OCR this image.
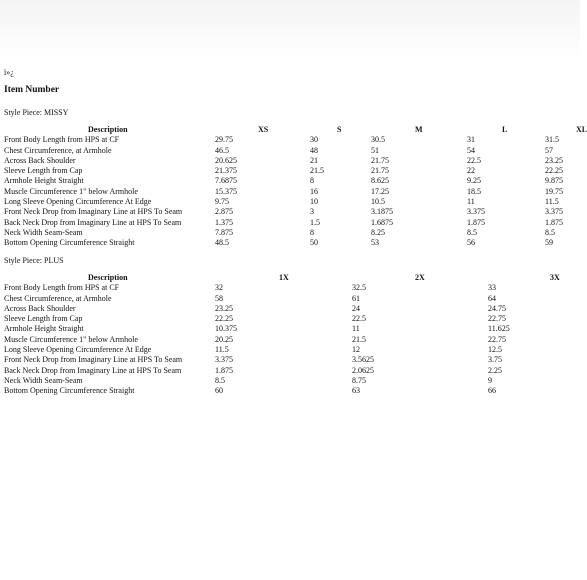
ï»¿
Item Number
Style Piece: MISSY
Description	XS	S	M	L	XL
Front Body Length from HPS at CF	29.75	30	30.5	31	31.5
Chest Circumference, at Armhole	46.5	48	51	54	57
Across Back Shoulder	20.625	21	21.75	22.5	23.25
Sleeve Length from Cap	21.375	21.5	21.75	22	22.25
Armhole Height Straight	7.6875	8	8.625	9.25	9.875
Muscle Circumference 1" below Armhole	15.375	16	17.25	18.5	19.75
Long Sleeve Opening Circumference At Edge	9.75	10	10.5	11	11.5
Front Neck Drop from Imaginary Line at HPS To Seam	2.875	3	3.1875	3.375	3.375
Back Neck Drop from Imaginary Line at HPS To Seam	1.375	1.5	1.6875	1.875	1.875
Neck Width Seam-Seam	7.875	8	8.25	8.5	8.5
Bottom Opening Circumference Straight	48.5	50	53	56	59
Style Piece: PLUS
Description	1X	2X	3X
Front Body Length from HPS at CF	32	32.5	33
Chest Circumference, at Armhole	58	61	64
Across Back Shoulder	23.25	24	24.75
Sleeve Length from Cap	22.25	22.5	22.75
Armhole Height Straight	10.375	11	11.625
Muscle Circumference 1" below Armhole	20.25	21.5	22.75
Long Sleeve Opening Circumference At Edge	11.5	12	12.5
Front Neck Drop from Imaginary Line at HPS To Seam	3.375	3.5625	3.75
Back Neck Drop from Imaginary Line at HPS To Seam	1.875	2.0625	2.25
Neck Width Seam-Seam	8.5	8.75	9
Bottom Opening Circumference Straight	60	63	66
